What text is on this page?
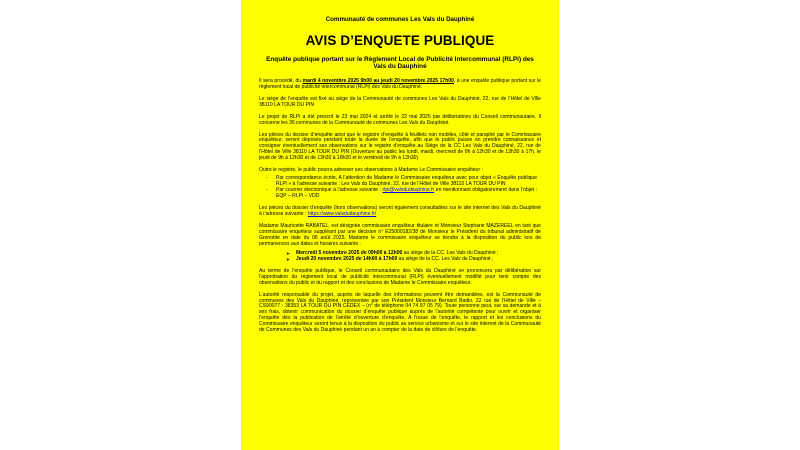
Communauté de communes Les Vals du Dauphiné
AVIS D’ENQUETE PUBLIQUE
Enquête publique portant sur le Règlement Local de Publicité Intercommunal (RLPi) des Vals du Dauphiné

Il sera procédé, du mardi 4 novembre 2025 9h00 au jeudi 20 novembre 2025 17h00, à une enquête publique portant sur le règlement local de publicité intercommunal (RLPi) des Vals du Dauphiné.

Le siège de l’enquête est fixé au siège de la Communauté de communes Les Vals du Dauphiné, 22, rue de l’Hôtel de Ville 38110 LA TOUR DU PIN

Le projet de RLPi a été prescrit le 23 mai 2024 et arrêté le 22 mai 2025 par délibérations du Conseil communautaire. Il concerne les 36 communes de la Communauté de communes Les Vals du Dauphiné.

Les pièces du dossier d’enquête ainsi que le registre d’enquête à feuillets non mobiles, côté et paraphé par le Commissaire enquêteur, seront déposés pendant toute la durée de l’enquête, afin que le public puisse en prendre connaissance et consigner éventuellement ses observations sur le registre d’enquête au Siège de la CC Les Vals du Dauphiné, 22, rue de l’Hôtel de Ville 38110 LA TOUR DU PIN (Ouverture au public les lundi, mardi, mercredi de 9h à 12h30 et de 13h30 à 17h, le jeudi de 9h à 12h30 et de 13h30 à 18h30 et le vendredi de 9h à 12h30)

Outre le registre, le public pourra adresser ses observations à Madame Le Commissaire enquêteur :

- Par correspondance écrite, A l’attention de Madame le Commissaire enquêteur avec pour objet « Enquête publique RLPi » à l’adresse suivante : Les Vals du Dauphiné, 22, rue de l’Hôtel de Ville 38110 LA TOUR DU PIN
- Par courrier électronique à l’adresse suivante : rlpi@valsdudauphine.fr en mentionnant obligatoirement dans l’objet : EQP – RLPi – VDD

Les pièces du dossier d’enquête (hors observations) seront également consultables sur le site internet des Vals du Dauphiné à l’adresse suivante : https://www.valsdudauphine.fr/

Madame Mauricette RABATEL, est désignée commissaire enquêteur titulaire et Monsieur Stephane MAZEREEL en tant que commissaire enquêteur suppléant par une décision n° E25000182/38 de Monsieur le Président du tribunal administratif de Grenoble en date du 06 août 2025. Madame le commissaire enquêteur se tiendra à la disposition du public lors de permanences aux dates et horaires suivants :

➤ Mercredi 5 novembre 2025 de 09h00 à 12h00 au siège de la CC. Les Vals du Dauphiné ;
➤ Jeudi 20 novembre 2025 de 14h00 à 17h00 au siège de la CC. Les Vals du Dauphiné ;

Au terme de l’enquête publique, le Conseil communautaire des Vals du Dauphiné se prononcera par délibération sur l’approbation du règlement local de publicité intercommunal (RLPi) éventuellement modifié pour tenir compte des observations du public et du rapport et des conclusions de Madame le Commissaire enquêteur.

L’autorité responsable du projet, auprès de laquelle des informations peuvent être demandées, est la Communauté de communes des Vals du Dauphiné, représentée par son Président Monsieur Bernard Badin, 22 rue de l’Hôtel de Ville – CS90077 - 38353 LA TOUR DU PIN CEDEX – (n° de téléphone 04 74 97 05 79). Toute personne peut, sur sa demande et à ses frais, obtenir communication du dossier d’enquête publique auprès de l’autorité compétente pour ouvrir et organiser l’enquête dès la publication de l’arrêté d’ouverture d’enquête. A l’issue de l’enquête, le rapport et les conclusions du Commissaire enquêteur seront tenus à la disposition du public au service urbanisme et sur le site internet de la Communauté de Communes des Vals du Dauphiné pendant un an à compter de la date de clôture de l’enquête.
